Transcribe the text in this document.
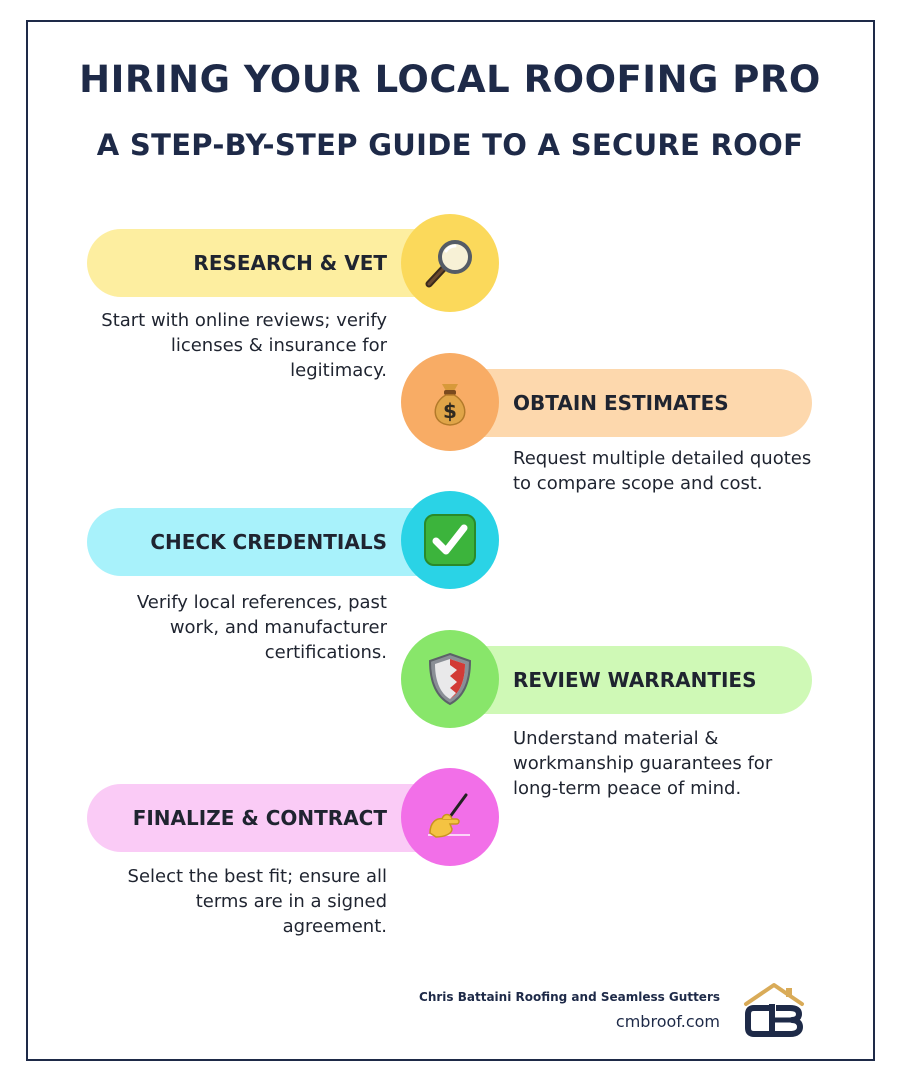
HIRING YOUR LOCAL ROOFING PRO
A STEP-BY-STEP GUIDE TO A SECURE ROOF
RESEARCH & VET

Start with online reviews; verify licenses & insurance for legitimacy.

OBTAIN ESTIMATES
$

Request multiple detailed quotes to compare scope and cost.

CHECK CREDENTIALS

Verify local references, past work, and manufacturer certifications.

REVIEW WARRANTIES

Understand material & workmanship guarantees for long-term peace of mind.

FINALIZE & CONTRACT

Select the best fit; ensure all terms are in a signed agreement.

Chris Battaini Roofing and Seamless Gutters
cmbroof.com
